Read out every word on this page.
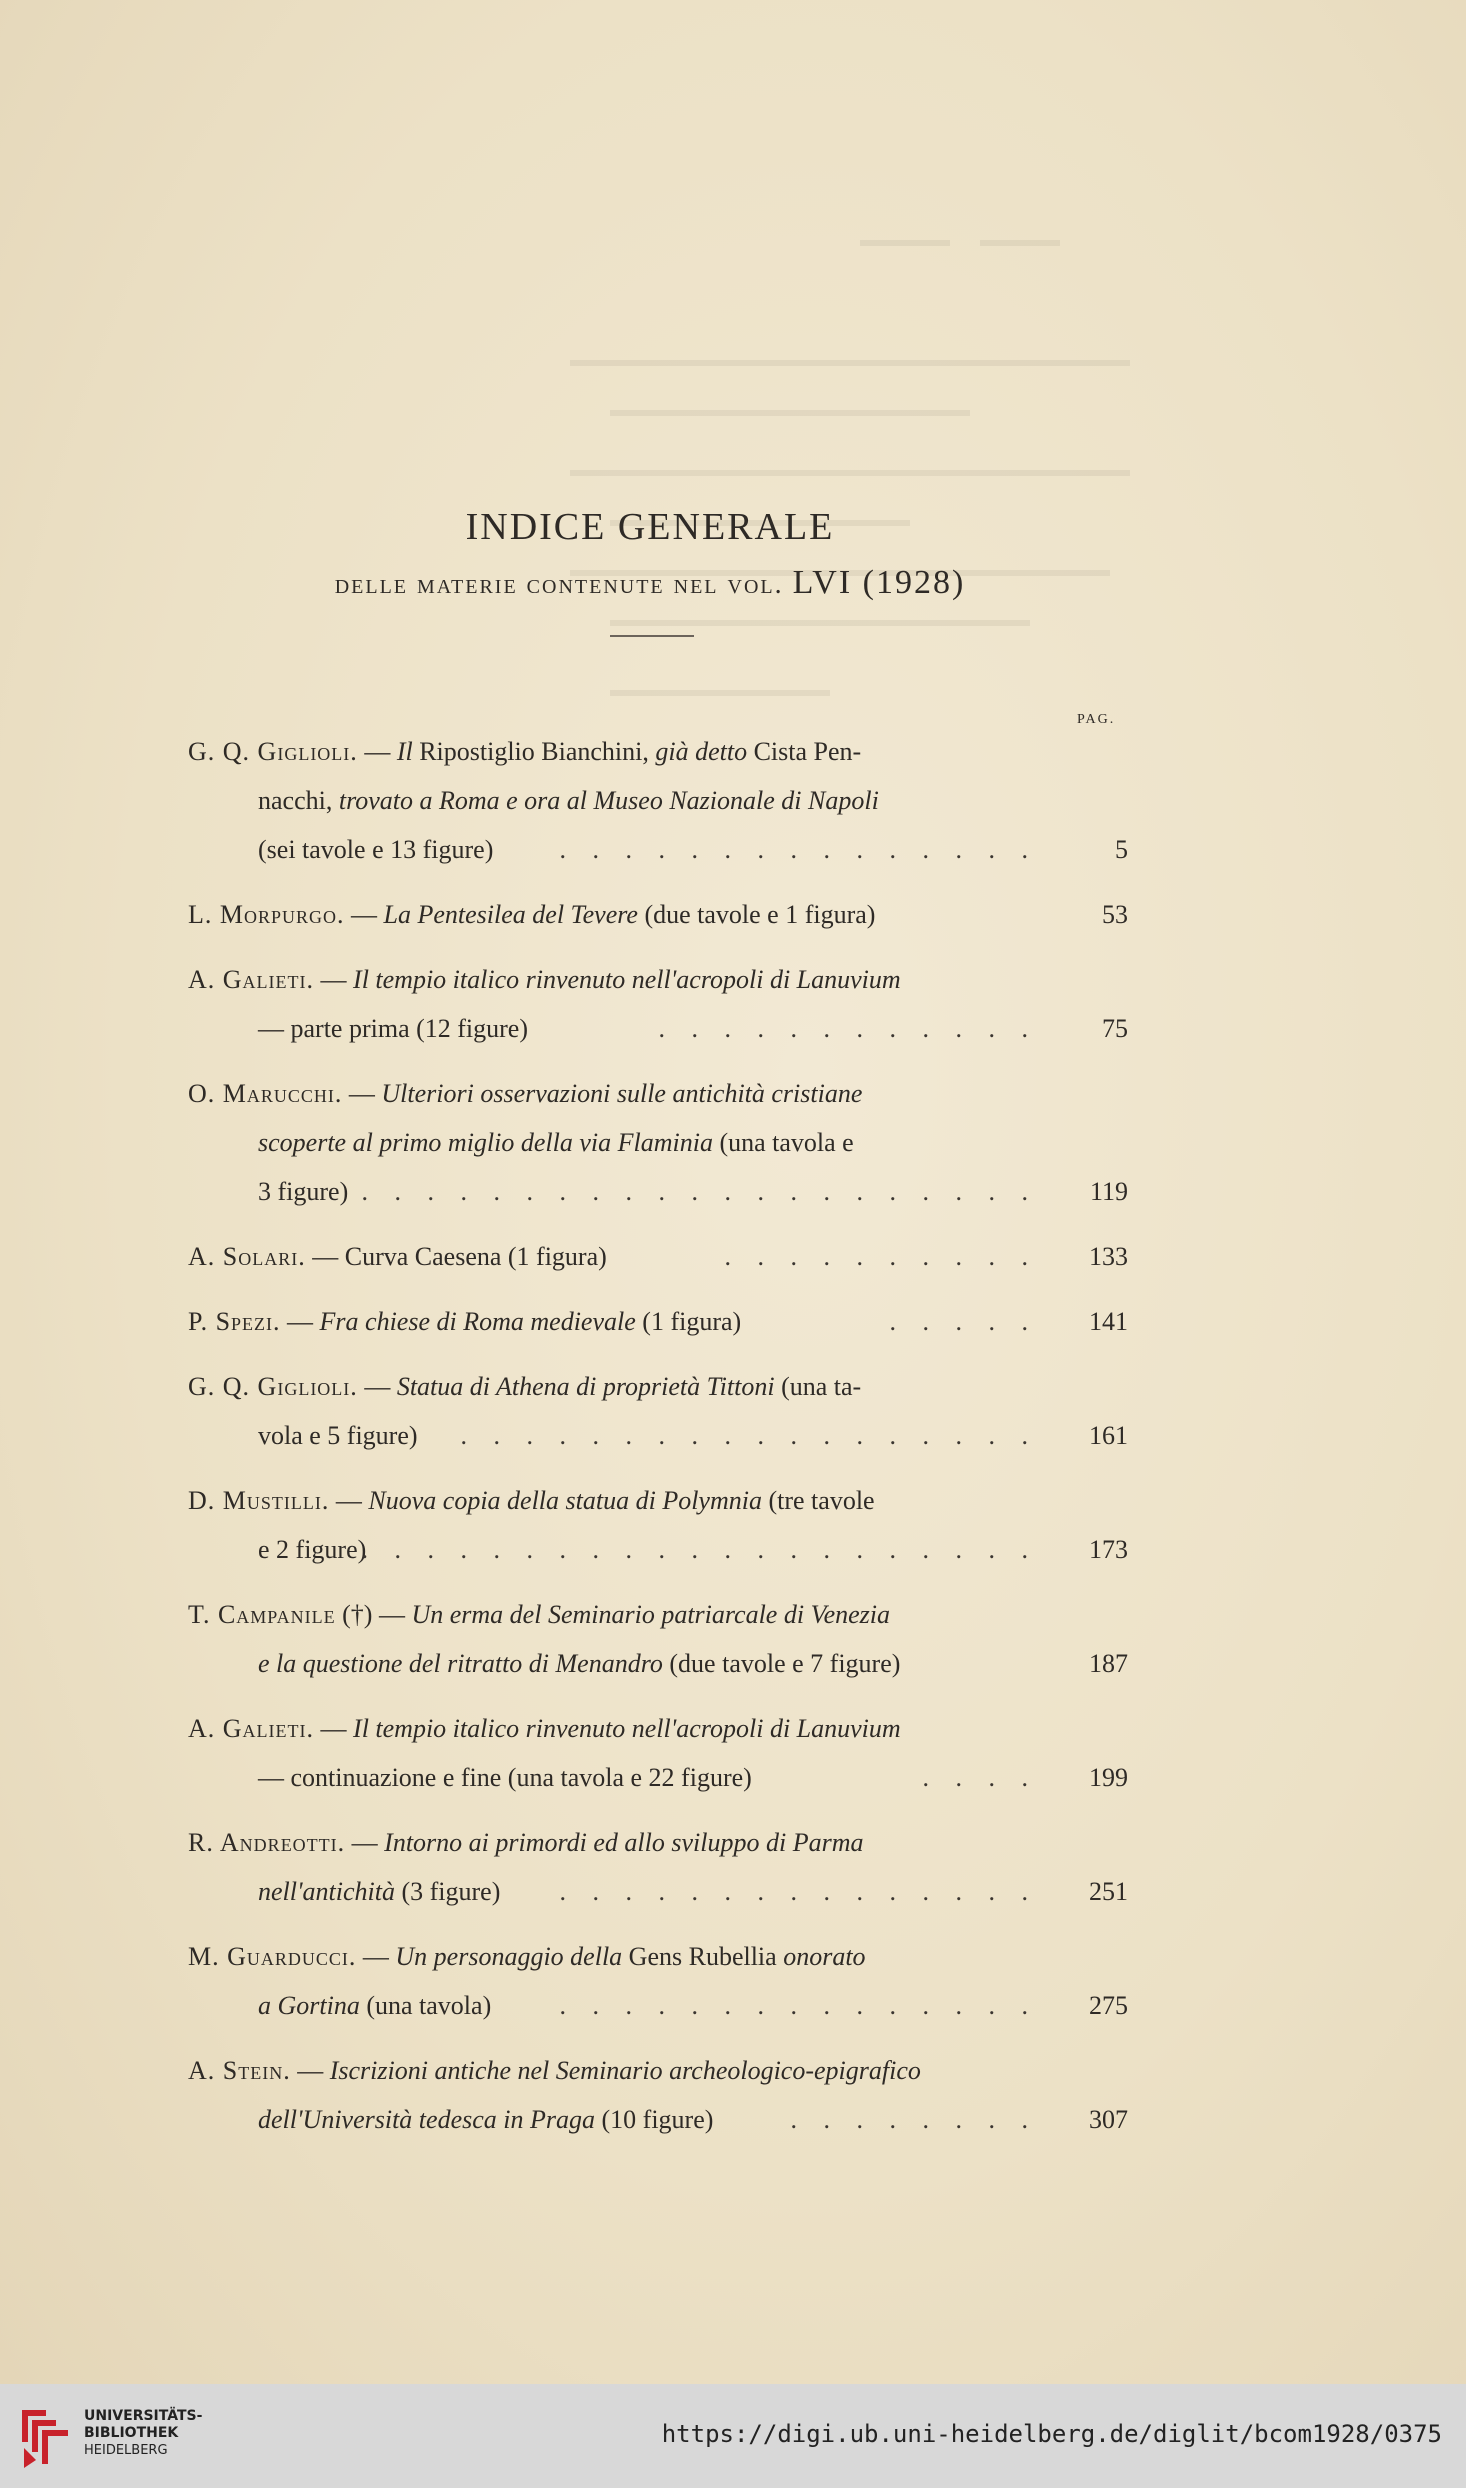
INDICE GENERALE
delle materie contenute nel vol. LVI (1928)
PAG.
G. Q. Giglioli. — Il Ripostiglio Bianchini, già detto Cista Pen-
nacchi, trovato a Roma e ora al Museo Nazionale di Napoli
(sei tavole e 13 figure)	. . . . . . . . . . . . . . .	5
L. Morpurgo. — La Pentesilea del Tevere (due tavole e 1 figura)	53
A. Galieti. — Il tempio italico rinvenuto nell'acropoli di Lanuvium
— parte prima (12 figure)	. . . . . . . . . . . .	75
O. Marucchi. — Ulteriori osservazioni sulle antichità cristiane
scoperte al primo miglio della via Flaminia (una tavola e
3 figure) . . . . . . . . . . . . . . . . . . . . .	119
A. Solari. — Curva Caesena (1 figura)	. . . . . . . . . .	133
P. Spezi. — Fra chiese di Roma medievale (1 figura)	. . . . .	141
G. Q. Giglioli. — Statua di Athena di proprietà Tittoni (una ta-
vola e 5 figure) . . . . . . . . . . . . . . . . . .	161
D. Mustilli. — Nuova copia della statua di Polymnia (tre tavole
e 2 figure)
. . . . . . . . . . . . . . . . . . . . .	173
T. Campanile (†) — Un erma del Seminario patriarcale di Venezia
e la questione del ritratto di Menandro (due tavole e 7 figure)	187
A. Galieti. — Il tempio italico rinvenuto nell'acropoli di Lanuvium
— continuazione e fine (una tavola e 22 figure)	. . . .	199
R. Andreotti. — Intorno ai primordi ed allo sviluppo di Parma
nell'antichità (3 figure) . . . . . . . . . . . . . . .	251
M. Guarducci. — Un personaggio della Gens Rubellia onorato
a Gortina (una tavola)	. . . . . . . . . . . . . . .	275
A. Stein. — Iscrizioni antiche nel Seminario archeologico-epigrafico
dell'Università tedesca in Praga (10 figure)	. . . . . . . .	307
UNIVERSITÄTS-
BIBLIOTHEK
HEIDELBERG
https://digi.ub.uni-heidelberg.de/diglit/bcom1928/0375
